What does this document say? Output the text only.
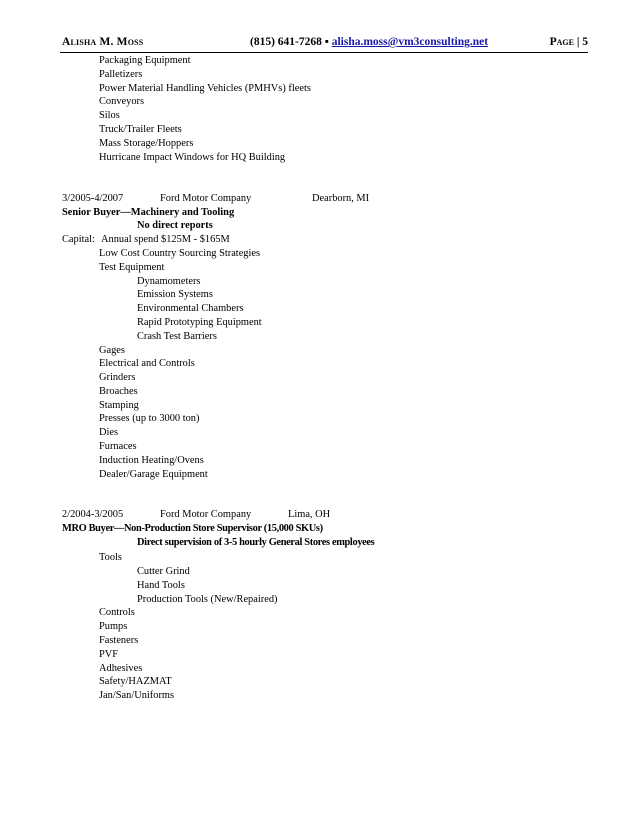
Alisha M. Moss	(815) 641-7268 ▪ alisha.moss@vm3consulting.net	Page | 5
Packaging Equipment
Palletizers
Power Material Handling Vehicles (PMHVs) fleets
Conveyors
Silos
Truck/Trailer Fleets
Mass Storage/Hoppers
Hurricane Impact Windows for HQ Building
3/2005-4/2007	Ford Motor Company	Dearborn, MI
Senior Buyer—Machinery and Tooling
No direct reports
Capital: Annual spend $125M - $165M
Low Cost Country Sourcing Strategies
Test Equipment
Dynamometers
Emission Systems
Environmental Chambers
Rapid Prototyping Equipment
Crash Test Barriers
Gages
Electrical and Controls
Grinders
Broaches
Stamping
Presses (up to 3000 ton)
Dies
Furnaces
Induction Heating/Ovens
Dealer/Garage Equipment
2/2004-3/2005	Ford Motor Company	Lima, OH
MRO Buyer—Non-Production Store Supervisor (15,000 SKUs)
Direct supervision of 3-5 hourly General Stores employees
Tools
Cutter Grind
Hand Tools
Production Tools (New/Repaired)
Controls
Pumps
Fasteners
PVF
Adhesives
Safety/HAZMAT
Jan/San/Uniforms
